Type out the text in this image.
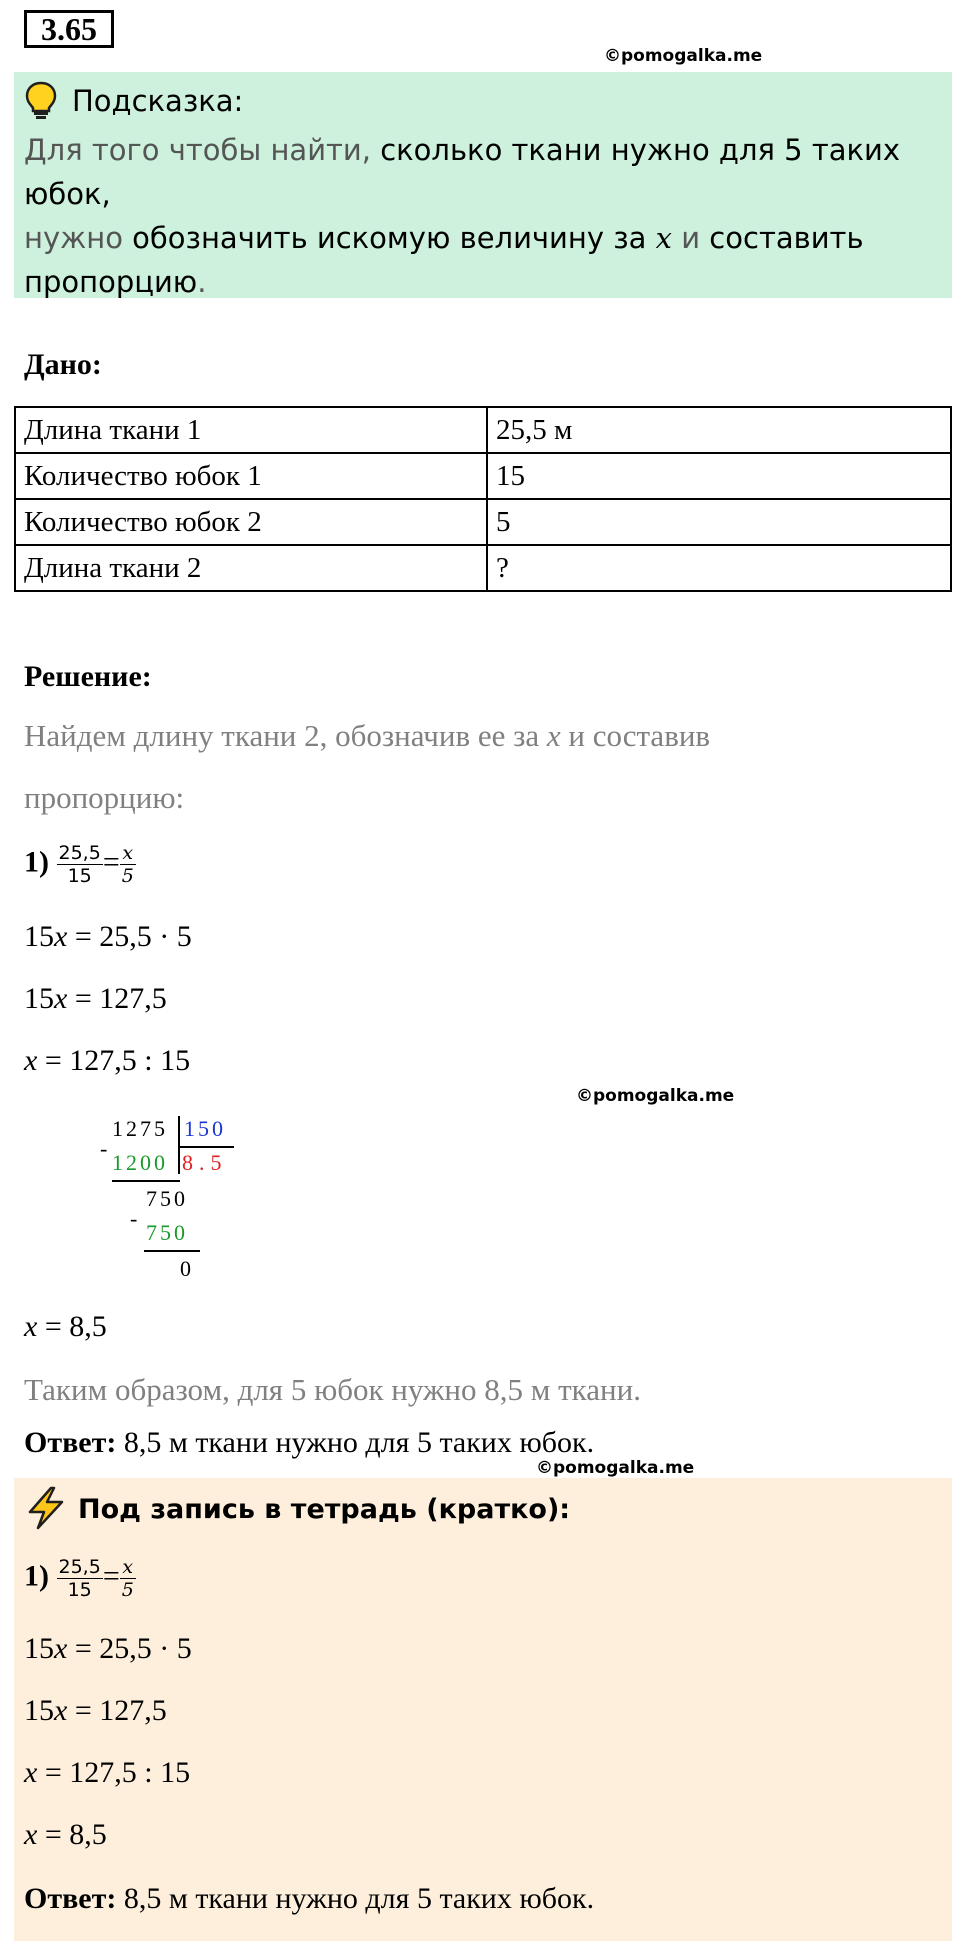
3.65
©pomogalka.me
Подсказка:
Для того чтобы найти, сколько ткани нужно для 5 таких юбок,
нужно обозначить искомую величину за x и составить
пропорцию.
Дано:
Длина ткани 1	25,5 м
Количество юбок 1	15
Количество юбок 2	5
Длина ткани 2	?
Решение:
Найдем длину ткани 2, обозначив ее за x и составив
пропорцию:
$1) \frac{25,5}{15} = \frac{x}{5}$
15x = 25,5 · 5
15x = 127,5
x = 127,5 : 15
©pomogalka.me
1275 150
-
1200 8.5
750
-
750
0
x = 8,5
Таким образом, для 5 юбок нужно 8,5 м ткани.
Ответ: 8,5 м ткани нужно для 5 таких юбок.
©pomogalka.me
Под запись в тетрадь (кратко):
$1) \frac{25,5}{15} = \frac{x}{5}$
15x = 25,5 · 5
15x = 127,5
x = 127,5 : 15
x = 8,5
Ответ: 8,5 м ткани нужно для 5 таких юбок.
